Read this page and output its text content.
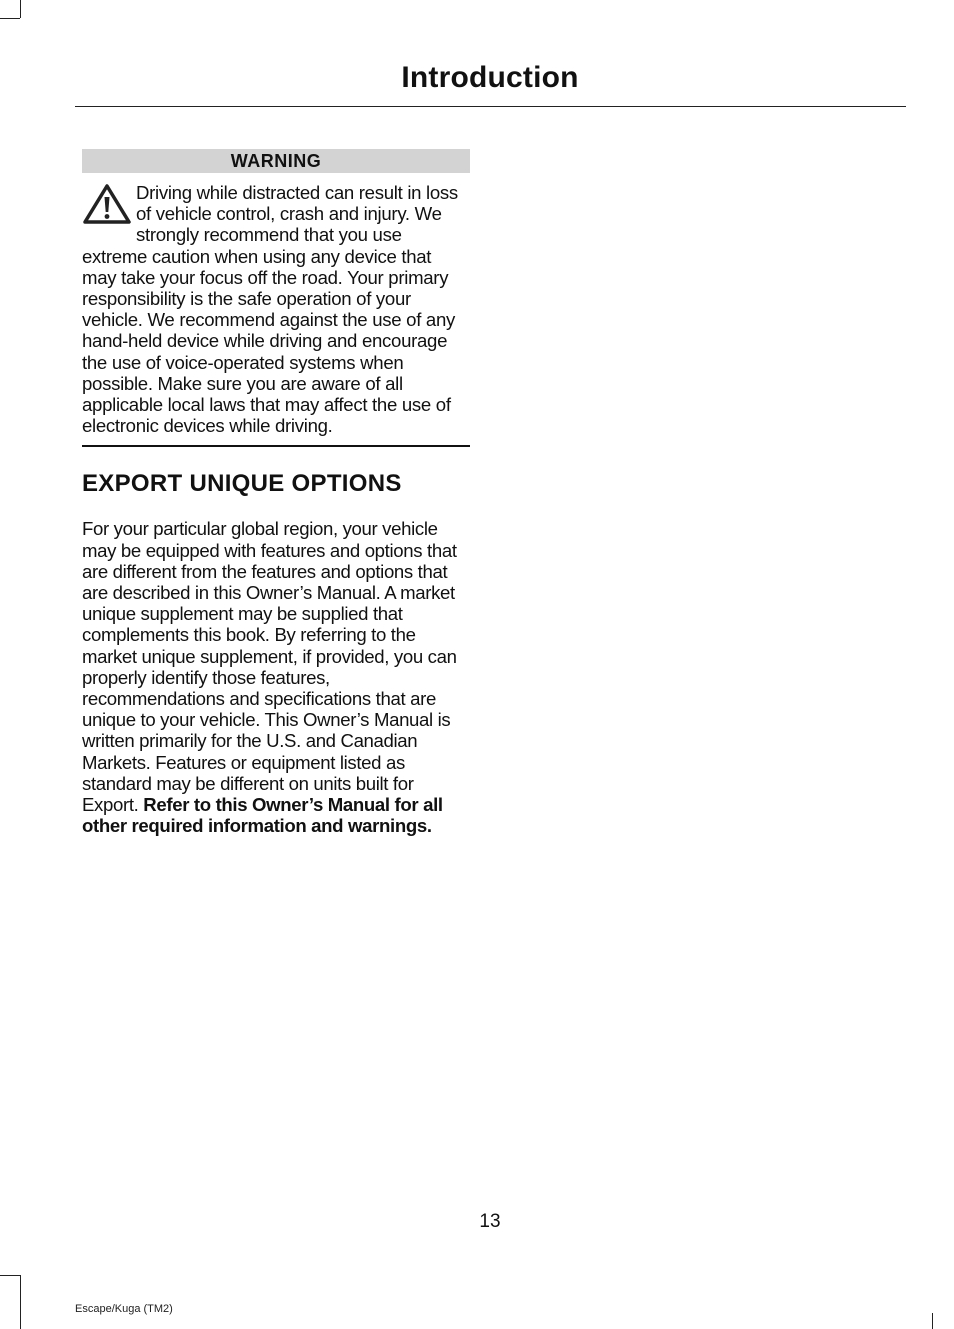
Introduction
WARNING
Driving while distracted can result in loss of vehicle control, crash and injury. We strongly recommend that you use extreme caution when using any device that may take your focus off the road. Your primary responsibility is the safe operation of your vehicle. We recommend against the use of any hand-held device while driving and encourage the use of voice-operated systems when possible. Make sure you are aware of all applicable local laws that may affect the use of electronic devices while driving.
EXPORT UNIQUE OPTIONS
For your particular global region, your vehicle may be equipped with features and options that are different from the features and options that are described in this Owner’s Manual. A market unique supplement may be supplied that complements this book. By referring to the market unique supplement, if provided, you can properly identify those features, recommendations and specifications that are unique to your vehicle. This Owner’s Manual is written primarily for the U.S. and Canadian Markets. Features or equipment listed as standard may be different on units built for Export. Refer to this Owner’s Manual for all other required information and warnings.
13
Escape/Kuga (TM2)
